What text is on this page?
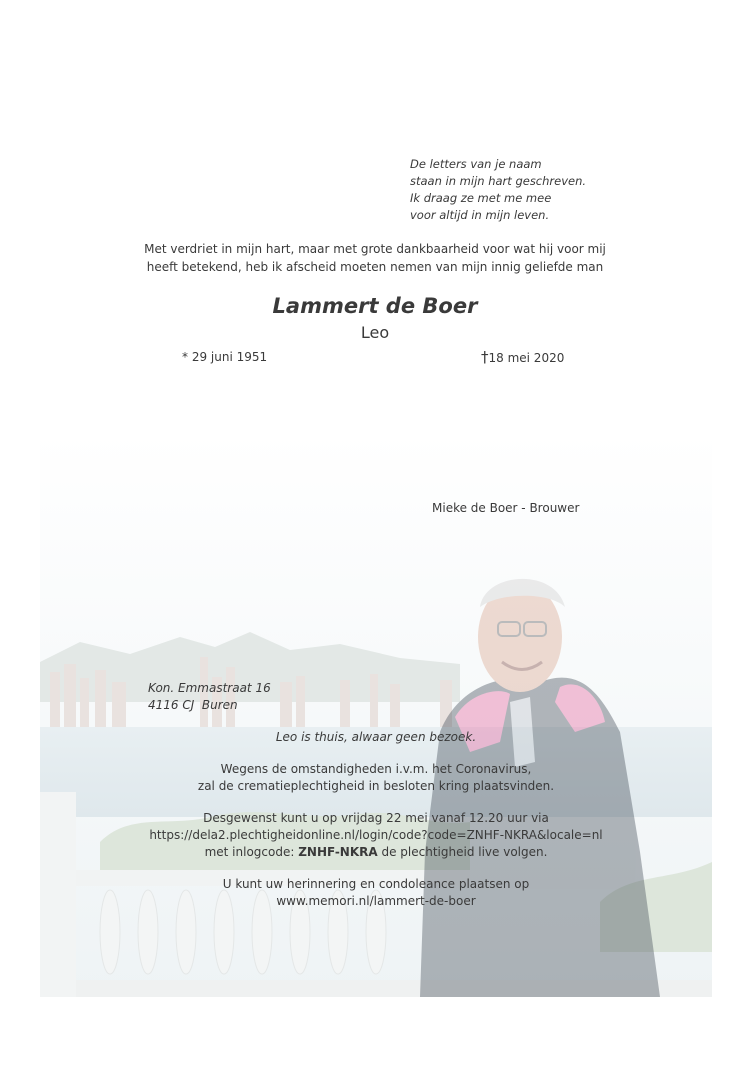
De letters van je naam
staan in mijn hart geschreven.
Ik draag ze met me mee
voor altijd in mijn leven.
Met verdriet in mijn hart, maar met grote dankbaarheid voor wat hij voor mij
heeft betekend, heb ik afscheid moeten nemen van mijn innig geliefde man
Lammert de Boer
Leo
* 29 juni 1951	†18 mei 2020
Mieke de Boer - Brouwer
Kon. Emmastraat 16
4116 CJ  Buren
Leo is thuis, alwaar geen bezoek.
Wegens de omstandigheden i.v.m. het Coronavirus,
zal de crematieplechtigheid in besloten kring plaatsvinden.
Desgewenst kunt u op vrijdag 22 mei vanaf 12.20 uur via
https://dela2.plechtigheidonline.nl/login/code?code=ZNHF-NKRA&locale=nl
met inlogcode: ZNHF-NKRA de plechtigheid live volgen.
U kunt uw herinnering en condoleance plaatsen op
www.memori.nl/lammert-de-boer
